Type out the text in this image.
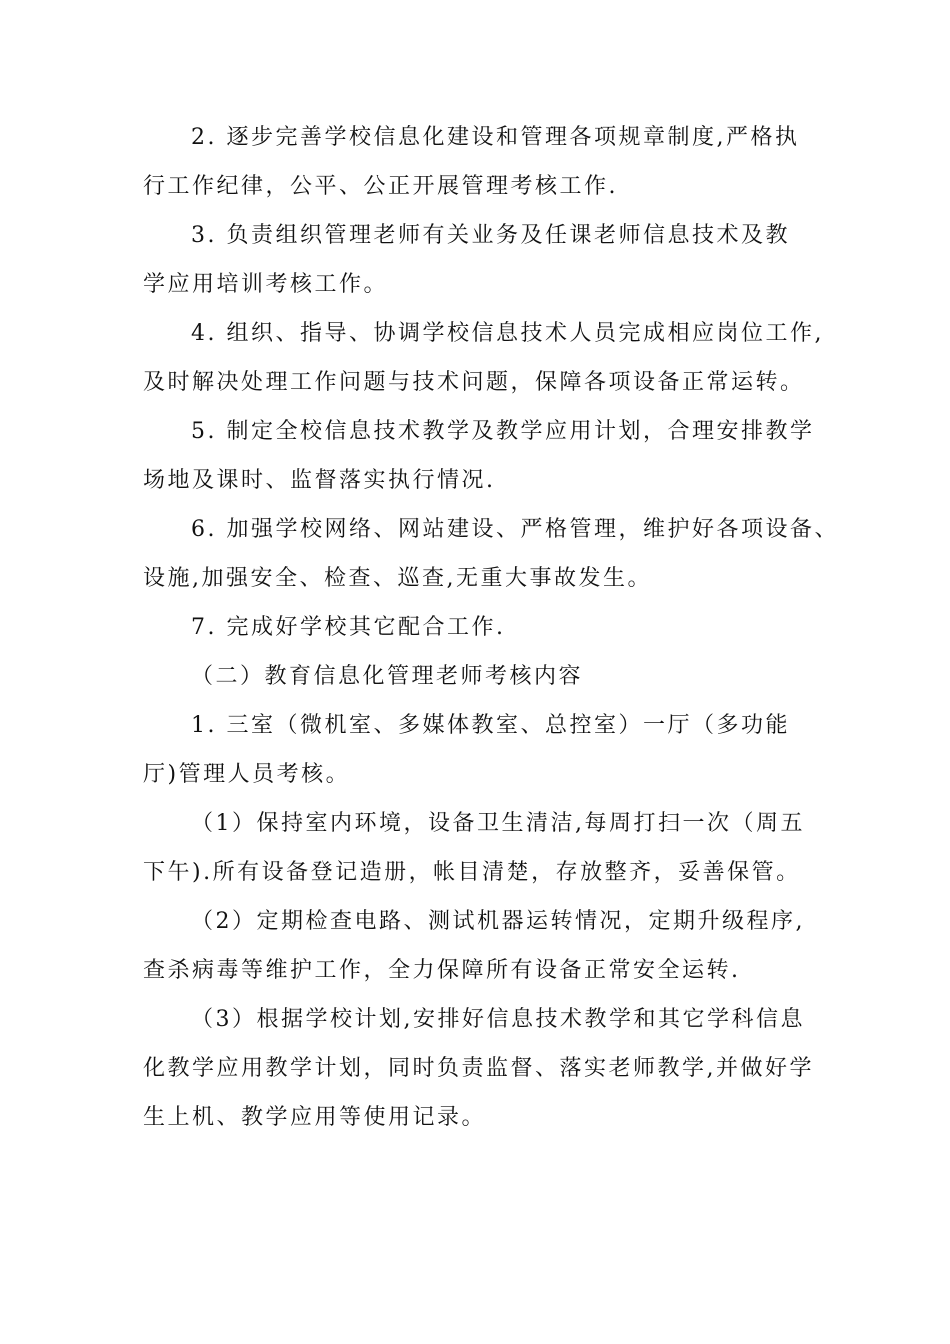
2. 逐步完善学校信息化建设和管理各项规章制度,严格执
行工作纪律，公平、公正开展管理考核工作.
3. 负责组织管理老师有关业务及任课老师信息技术及教
学应用培训考核工作。
4. 组织、指导、协调学校信息技术人员完成相应岗位工作,
及时解决处理工作问题与技术问题，保障各项设备正常运转。
5. 制定全校信息技术教学及教学应用计划，合理安排教学
场地及课时、监督落实执行情况.
6. 加强学校网络、网站建设、严格管理，维护好各项设备、
设施,加强安全、检查、巡查,无重大事故发生。
7. 完成好学校其它配合工作.
（二）教育信息化管理老师考核内容
1. 三室（微机室、多媒体教室、总控室）一厅（多功能
厅)管理人员考核。
（1）保持室内环境，设备卫生清洁,每周打扫一次（周五
下午).所有设备登记造册，帐目清楚，存放整齐，妥善保管。
（2）定期检查电路、测试机器运转情况，定期升级程序,
查杀病毒等维护工作，全力保障所有设备正常安全运转.
（3）根据学校计划,安排好信息技术教学和其它学科信息
化教学应用教学计划，同时负责监督、落实老师教学,并做好学
生上机、教学应用等使用记录。
